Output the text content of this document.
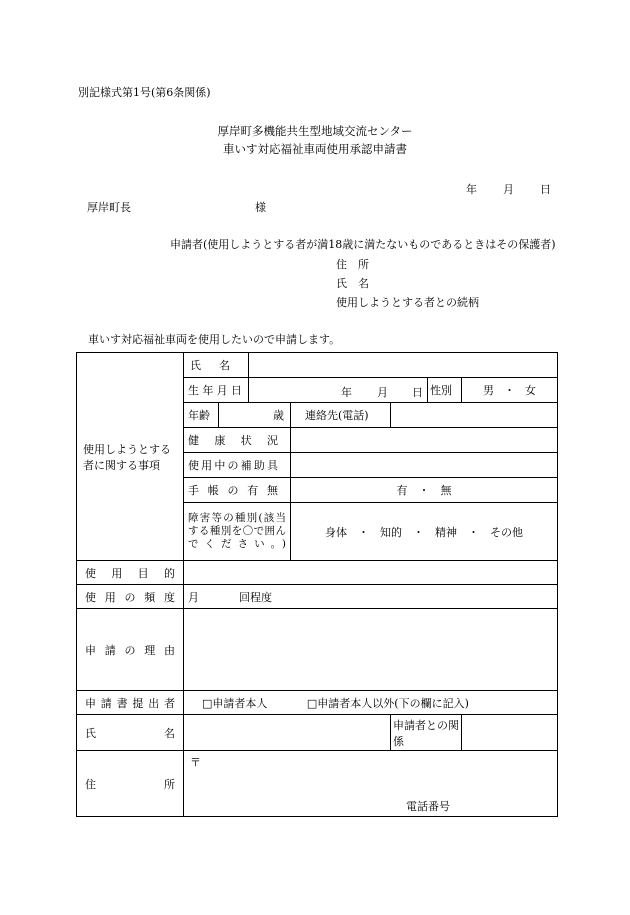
別記様式第1号(第6条関係)
厚岸町多機能共生型地域交流センター
車いす対応福祉車両使用承認申請書
年 月 日
厚岸町長	様
申請者(使用しようとする者が満18歳に満たないものであるときはその保護者)
住　所
氏　名
使用しようとする者との続柄
車いす対応福祉車両を使用したいので申請します。
使用しようとする
者に関する事項	氏名						

	生年月日		年 月 日			性別	男 ・ 女
	年齢	歳		連絡先(電話)			

	健康状況						

	使用中の補助具						

	手帳の有無			有　・　無			

	障害等の種別(該当する種別を〇で囲んでください。)			身体　・　知的　・　精神　・　その他			

使用目的							

使用の頻度	月 回程度						

申請の理由							

申請書提出者	□申請者本人 □申請者本人以外(下の欄に記入)						

氏名					申請者との関係		

住所	〒
電話番号						
